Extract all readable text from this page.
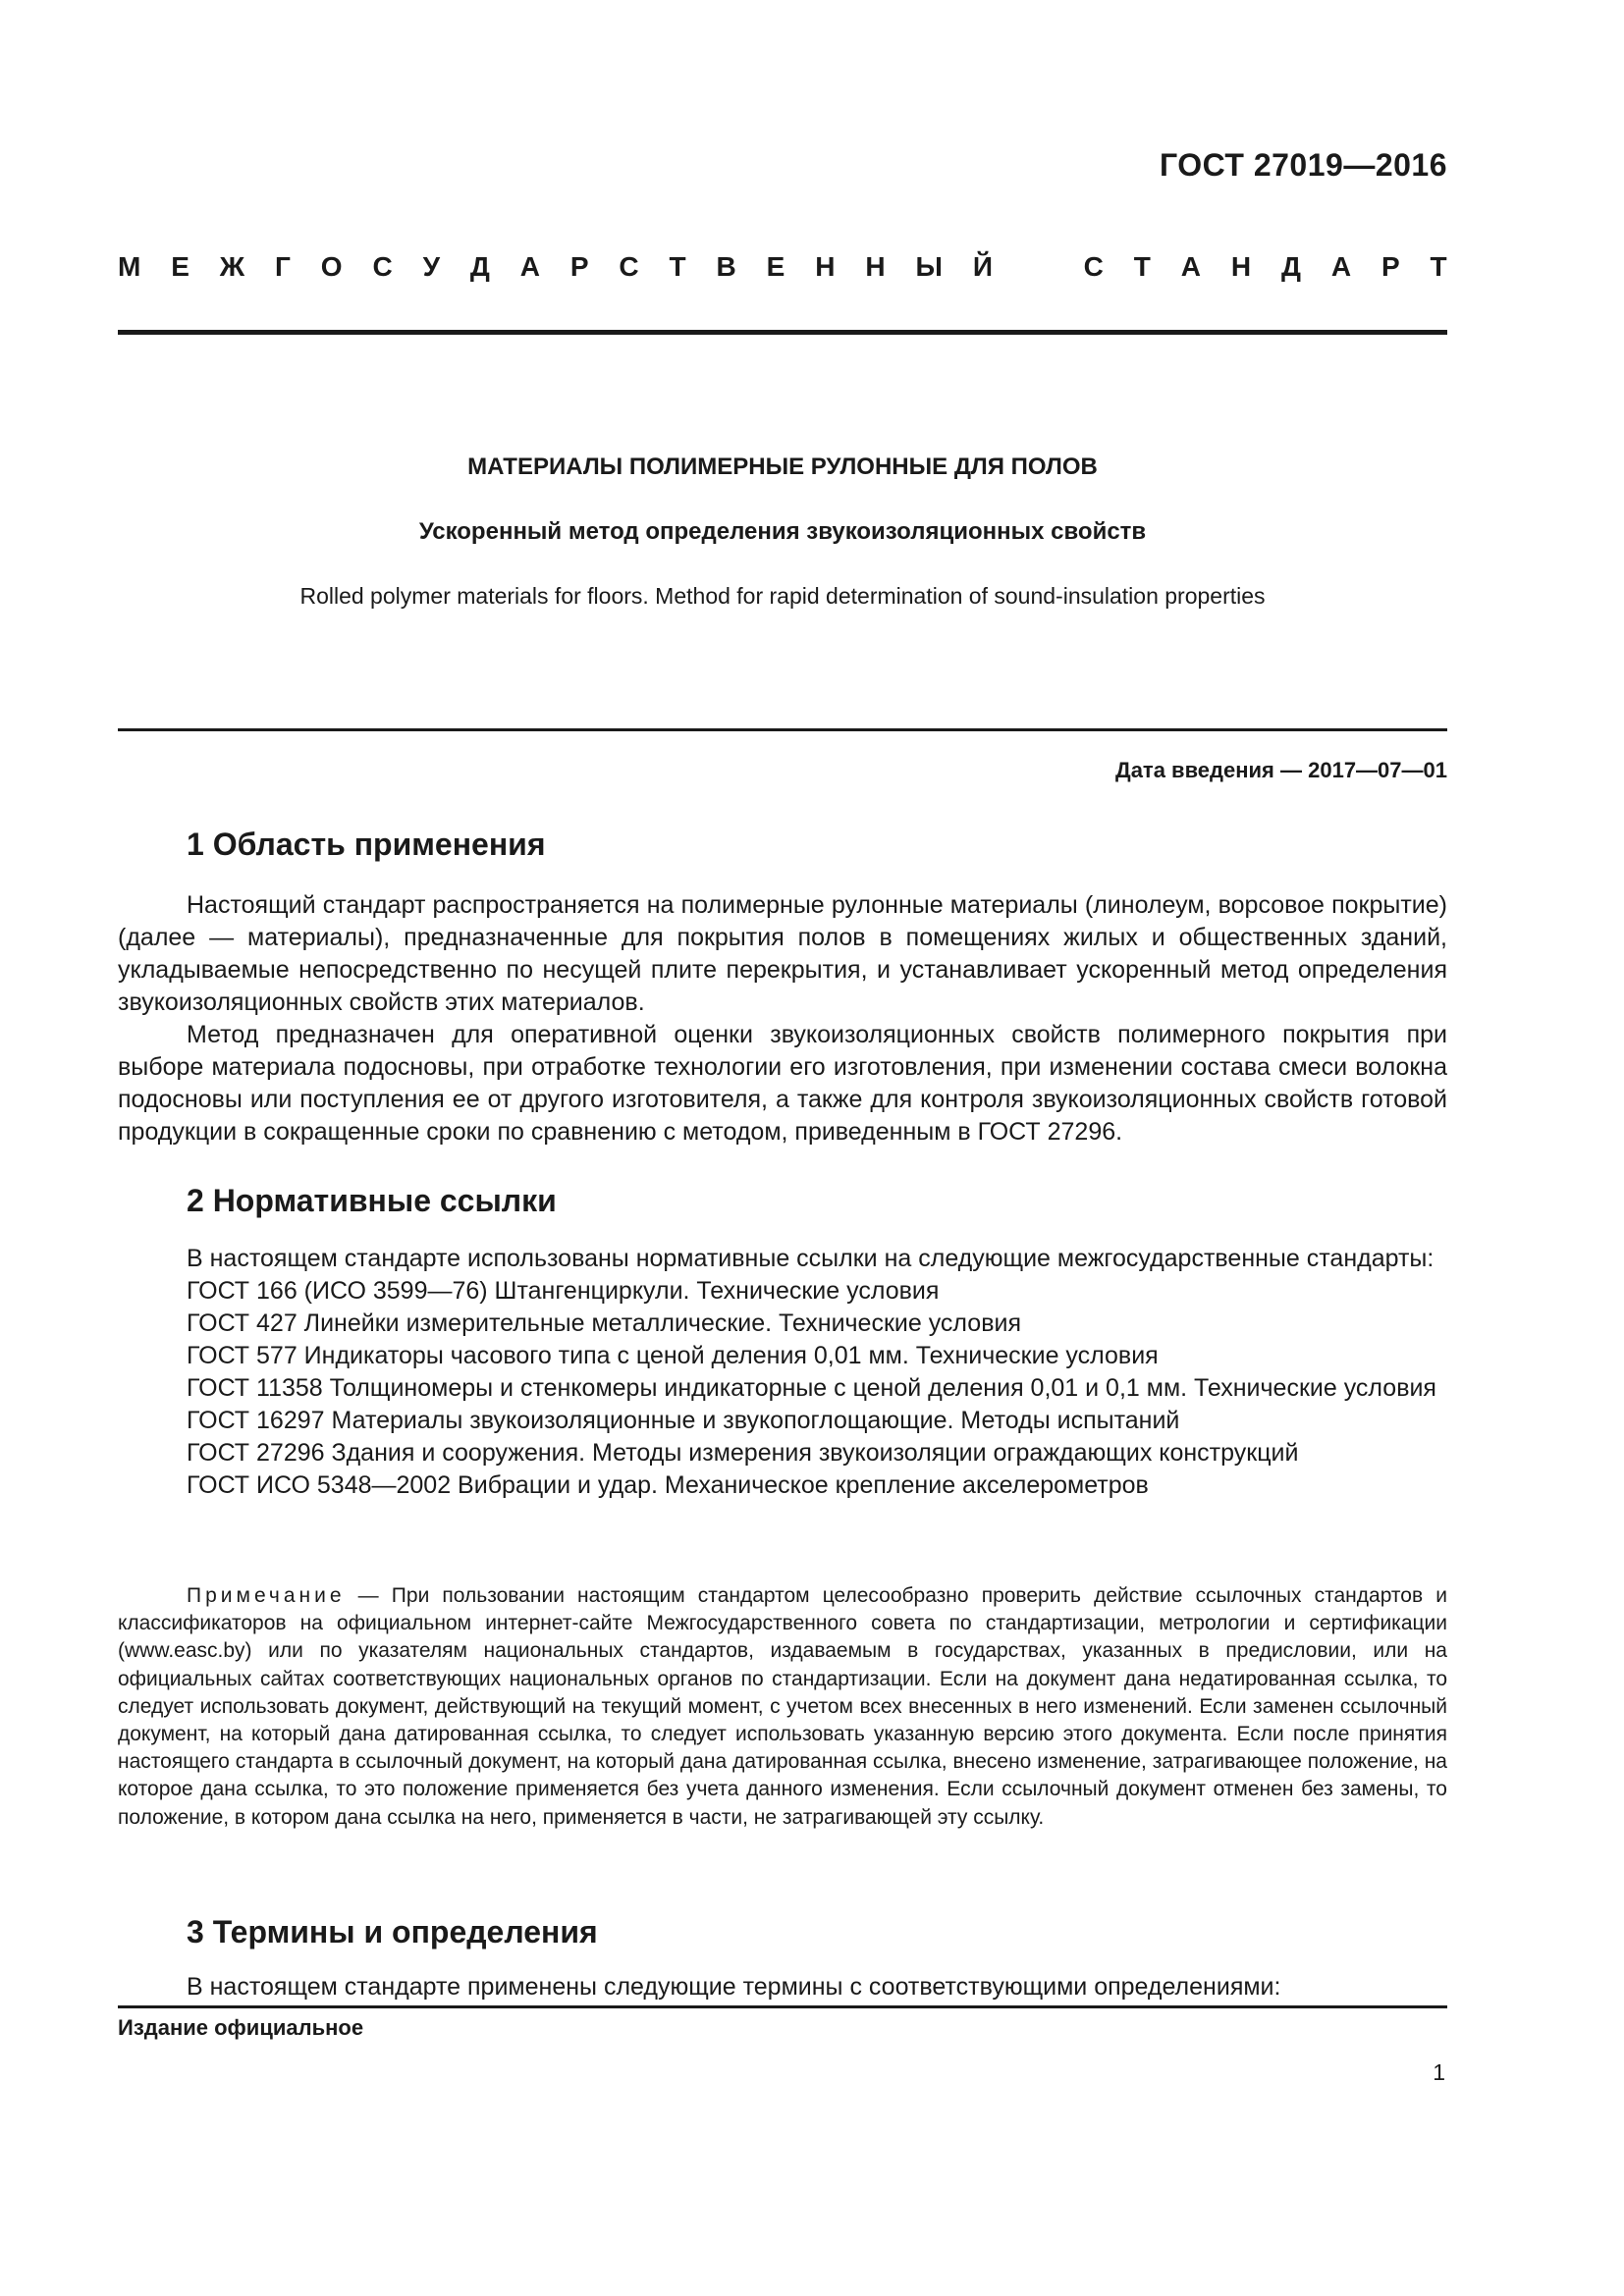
ГОСТ 27019—2016
М Е Ж Г О С У Д А Р С Т В Е Н Н Ы Й	С Т А Н Д А Р Т
МАТЕРИАЛЫ ПОЛИМЕРНЫЕ РУЛОННЫЕ ДЛЯ ПОЛОВ
Ускоренный метод определения звукоизоляционных свойств
Rolled polymer materials for floors. Method for rapid determination of sound-insulation properties
Дата введения — 2017—07—01
1 Область применения

Настоящий стандарт распространяется на полимерные рулонные материалы (линолеум, ворсовое покрытие) (далее — материалы), предназначенные для покрытия полов в помещениях жилых и общественных зданий, укладываемые непосредственно по несущей плите перекрытия, и устанавливает ускоренный метод определения звукоизоляционных свойств этих материалов.

Метод предназначен для оперативной оценки звукоизоляционных свойств полимерного покрытия при выборе материала подосновы, при отработке технологии его изготовления, при изменении состава смеси волокна подосновы или поступления ее от другого изготовителя, а также для контроля звукоизоляционных свойств готовой продукции в сокращенные сроки по сравнению с методом, приведенным в ГОСТ 27296.

2 Нормативные ссылки
В настоящем стандарте использованы нормативные ссылки на следующие межгосударственные стандарты:
ГОСТ 166 (ИСО 3599—76) Штангенциркули. Технические условия
ГОСТ 427 Линейки измерительные металлические. Технические условия
ГОСТ 577 Индикаторы часового типа с ценой деления 0,01 мм. Технические условия
ГОСТ 11358 Толщиномеры и стенкомеры индикаторные с ценой деления 0,01 и 0,1 мм. Технические условия
ГОСТ 16297 Материалы звукоизоляционные и звукопоглощающие. Методы испытаний
ГОСТ 27296 Здания и сооружения. Методы измерения звукоизоляции ограждающих конструкций
ГОСТ ИСО 5348—2002 Вибрации и удар. Механическое крепление акселерометров
Примечание — При пользовании настоящим стандартом целесообразно проверить действие ссылочных стандартов и классификаторов на официальном интернет-сайте Межгосударственного совета по стандартизации, метрологии и сертификации (www.easc.by) или по указателям национальных стандартов, издаваемым в государствах, указанных в предисловии, или на официальных сайтах соответствующих национальных органов по стандартизации. Если на документ дана недатированная ссылка, то следует использовать документ, действующий на текущий момент, с учетом всех внесенных в него изменений. Если заменен ссылочный документ, на который дана датированная ссылка, то следует использовать указанную версию этого документа. Если после принятия настоящего стандарта в ссылочный документ, на который дана датированная ссылка, внесено изменение, затрагивающее положение, на которое дана ссылка, то это положение применяется без учета данного изменения. Если ссылочный документ отменен без замены, то положение, в котором дана ссылка на него, применяется в части, не затрагивающей эту ссылку.
3 Термины и определения

В настоящем стандарте применены следующие термины с соответствующими определениями:

Издание официальное
1
